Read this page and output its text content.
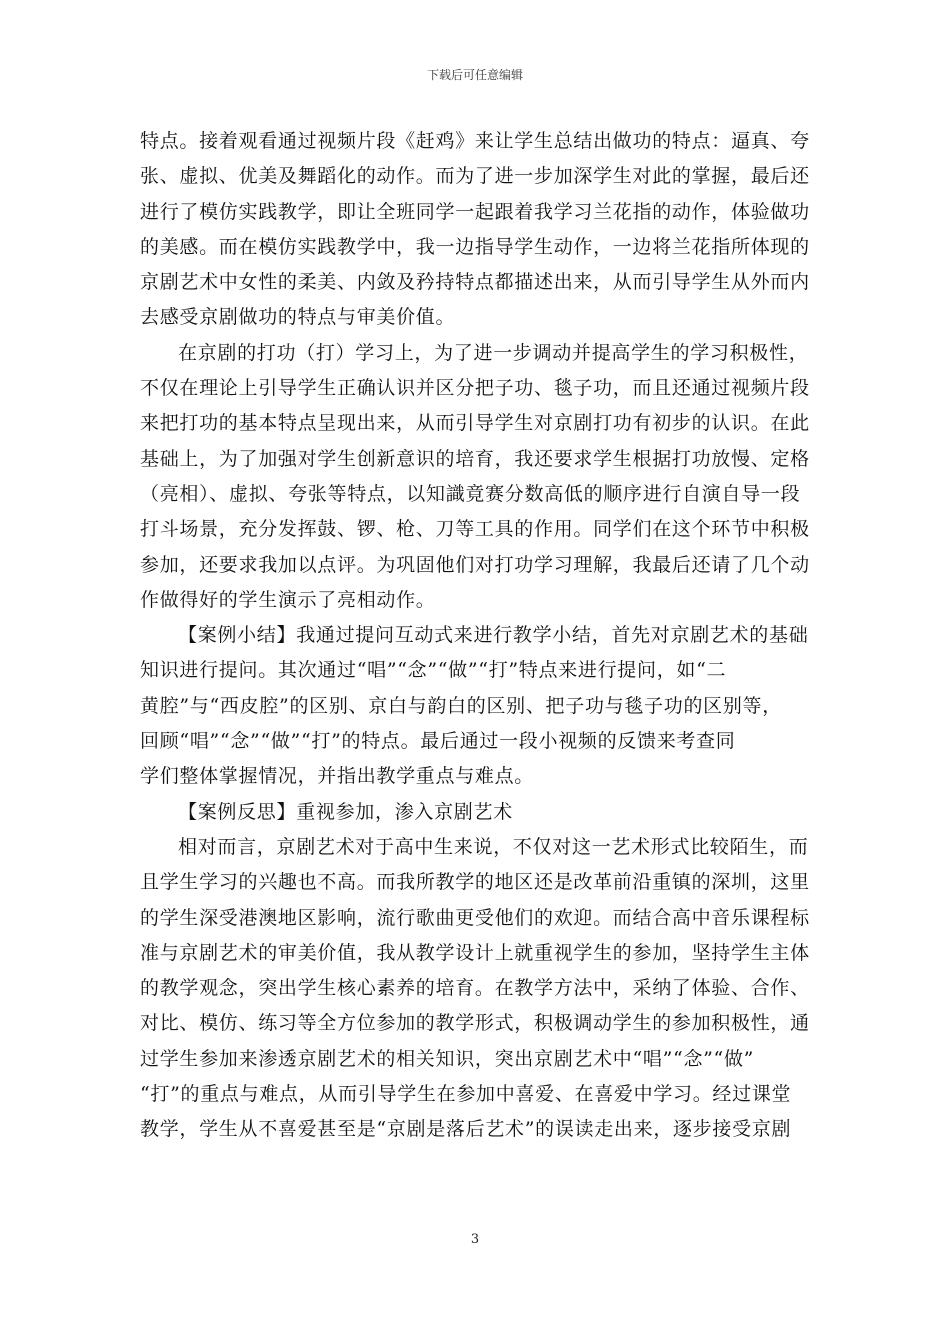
下载后可任意编辑
特点。接着观看通过视频片段《赶鸡》来让学生总结出做功的特点：逼真、夸
张、虚拟、优美及舞蹈化的动作。而为了进一步加深学生对此的掌握，最后还
进行了模仿实践教学，即让全班同学一起跟着我学习兰花指的动作，体验做功
的美感。而在模仿实践教学中，我一边指导学生动作，一边将兰花指所体现的
京剧艺术中女性的柔美、内敛及矜持特点都描述出来，从而引导学生从外而内
去感受京剧做功的特点与审美价值。
在京剧的打功（打）学习上，为了进一步调动并提高学生的学习积极性，
不仅在理论上引导学生正确认识并区分把子功、毯子功，而且还通过视频片段
来把打功的基本特点呈现出来，从而引导学生对京剧打功有初步的认识。在此
基础上，为了加强对学生创新意识的培育，我还要求学生根据打功放慢、定格
（亮相）、虚拟、夸张等特点，以知識竟赛分数高低的顺序进行自演自导一段
打斗场景，充分发挥鼓、锣、枪、刀等工具的作用。同学们在这个环节中积极
参加，还要求我加以点评。为巩固他们对打功学习理解，我最后还请了几个动
作做得好的学生演示了亮相动作。
【案例小结】我通过提问互动式来进行教学小结，首先对京剧艺术的基础
知识进行提问。其次通过“唱”“念”“做”“打”特点来进行提问，如“二
黄腔”与“西皮腔”的区别、京白与韵白的区别、把子功与毯子功的区别等，
回顾“唱”“念”“做”“打”的特点。最后通过一段小视频的反馈来考查同
学们整体掌握情况，并指出教学重点与难点。
【案例反思】重视参加，渗入京剧艺术
相对而言，京剧艺术对于高中生来说，不仅对这一艺术形式比较陌生，而
且学生学习的兴趣也不高。而我所教学的地区还是改革前沿重镇的深圳，这里
的学生深受港澳地区影响，流行歌曲更受他们的欢迎。而结合高中音乐课程标
准与京剧艺术的审美价值，我从教学设计上就重视学生的参加，坚持学生主体
的教学观念，突出学生核心素养的培育。在教学方法中，采纳了体验、合作、
对比、模仿、练习等全方位参加的教学形式，积极调动学生的参加积极性，通
过学生参加来渗透京剧艺术的相关知识，突出京剧艺术中“唱”“念”“做”
“打”的重点与难点，从而引导学生在参加中喜爱、在喜爱中学习。经过课堂
教学，学生从不喜爱甚至是“京剧是落后艺术”的误读走出来，逐步接受京剧
3
